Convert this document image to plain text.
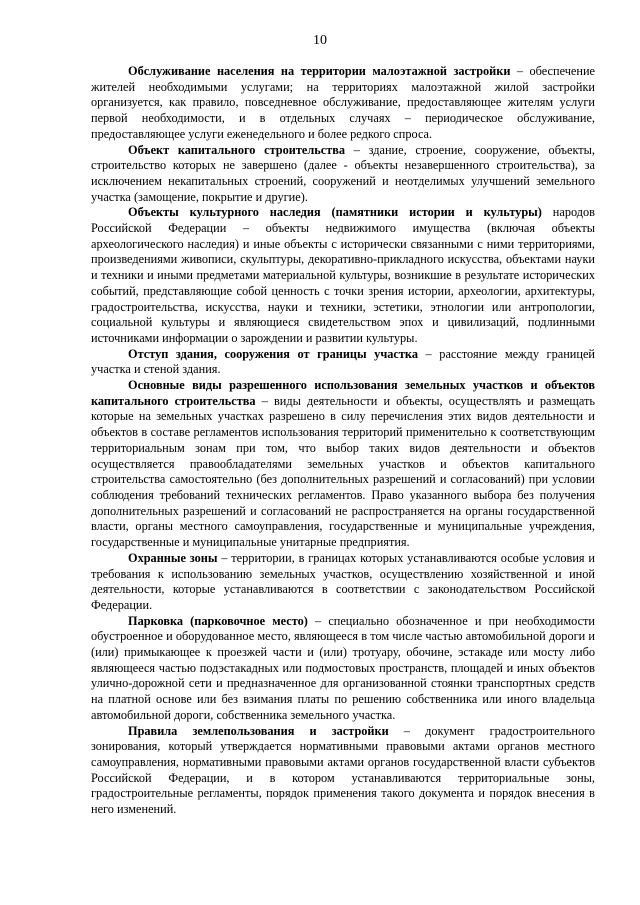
10

Обслуживание населения на территории малоэтажной застройки – обеспечение жителей необходимыми услугами; на территориях малоэтажной жилой застройки организуется, как правило, повседневное обслуживание, предоставляющее жителям услуги первой необходимости, и в отдельных случаях – периодическое обслуживание, предоставляющее услуги еженедельного и более редкого спроса.

Объект капитального строительства – здание, строение, сооружение, объекты, строительство которых не завершено (далее - объекты незавершенного строительства), за исключением некапитальных строений, сооружений и неотделимых улучшений земельного участка (замощение, покрытие и другие).

Объекты культурного наследия (памятники истории и культуры) народов Российской Федерации – объекты недвижимого имущества (включая объекты археологического наследия) и иные объекты с исторически связанными с ними территориями, произведениями живописи, скульптуры, декоративно-прикладного искусства, объектами науки и техники и иными предметами материальной культуры, возникшие в результате исторических событий, представляющие собой ценность с точки зрения истории, археологии, архитектуры, градостроительства, искусства, науки и техники, эстетики, этнологии или антропологии, социальной культуры и являющиеся свидетельством эпох и цивилизаций, подлинными источниками информации о зарождении и развитии культуры.

Отступ здания, сооружения от границы участка – расстояние между границей участка и стеной здания.

Основные виды разрешенного использования земельных участков и объектов капитального строительства – виды деятельности и объекты, осуществлять и размещать которые на земельных участках разрешено в силу перечисления этих видов деятельности и объектов в составе регламентов использования территорий применительно к соответствующим территориальным зонам при том, что выбор таких видов деятельности и объектов осуществляется правообладателями земельных участков и объектов капитального строительства самостоятельно (без дополнительных разрешений и согласований) при условии соблюдения требований технических регламентов. Право указанного выбора без получения дополнительных разрешений и согласований не распространяется на органы государственной власти, органы местного самоуправления, государственные и муниципальные учреждения, государственные и муниципальные унитарные предприятия.

Охранные зоны – территории, в границах которых устанавливаются особые условия и требования к использованию земельных участков, осуществлению хозяйственной и иной деятельности, которые устанавливаются в соответствии с законодательством Российской Федерации.

Парковка (парковочное место) – специально обозначенное и при необходимости обустроенное и оборудованное место, являющееся в том числе частью автомобильной дороги и (или) примыкающее к проезжей части и (или) тротуару, обочине, эстакаде или мосту либо являющееся частью подэстакадных или подмостовых пространств, площадей и иных объектов улично-дорожной сети и предназначенное для организованной стоянки транспортных средств на платной основе или без взимания платы по решению собственника или иного владельца автомобильной дороги, собственника земельного участка.

Правила землепользования и застройки – документ градостроительного зонирования, который утверждается нормативными правовыми актами органов местного самоуправления, нормативными правовыми актами органов государственной власти субъектов Российской Федерации, и в котором устанавливаются территориальные зоны, градостроительные регламенты, порядок применения такого документа и порядок внесения в него изменений.
